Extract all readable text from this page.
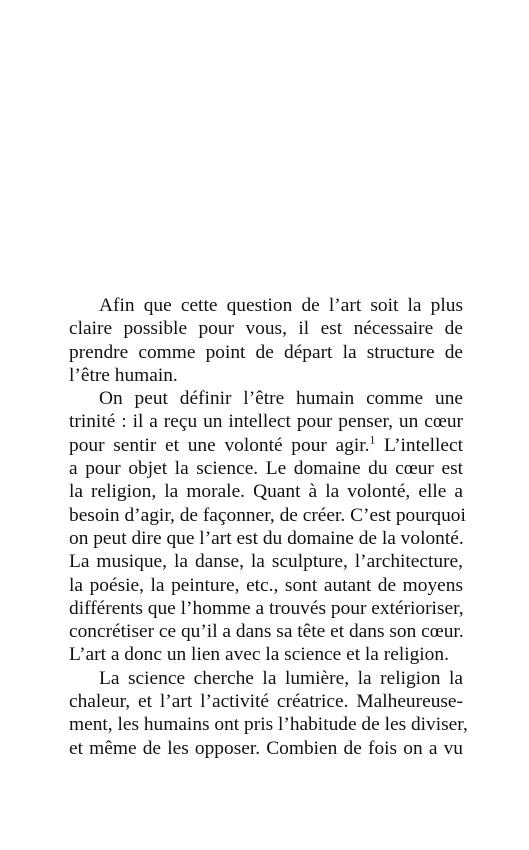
Afin que cette question de l’art soit la plus
claire possible pour vous, il est nécessaire de
prendre comme point de départ la structure de
l’être humain.

On peut définir l’être humain comme une
trinité : il a reçu un intellect pour penser, un cœur
pour sentir et une volonté pour agir.$^1$ L’intellect
a pour objet la science. Le domaine du cœur est
la religion, la morale. Quant à la volonté, elle a
besoin d’agir, de façonner, de créer. C’est pourquoi
on peut dire que l’art est du domaine de la volonté.
La musique, la danse, la sculpture, l’architecture,
la poésie, la peinture, etc., sont autant de moyens
différents que l’homme a trouvés pour extérioriser,
concrétiser ce qu’il a dans sa tête et dans son cœur.
L’art a donc un lien avec la science et la religion.

La science cherche la lumière, la religion la
chaleur, et l’art l’activité créatrice. Malheureuse-
ment, les humains ont pris l’habitude de les diviser,
et même de les opposer. Combien de fois on a vu
